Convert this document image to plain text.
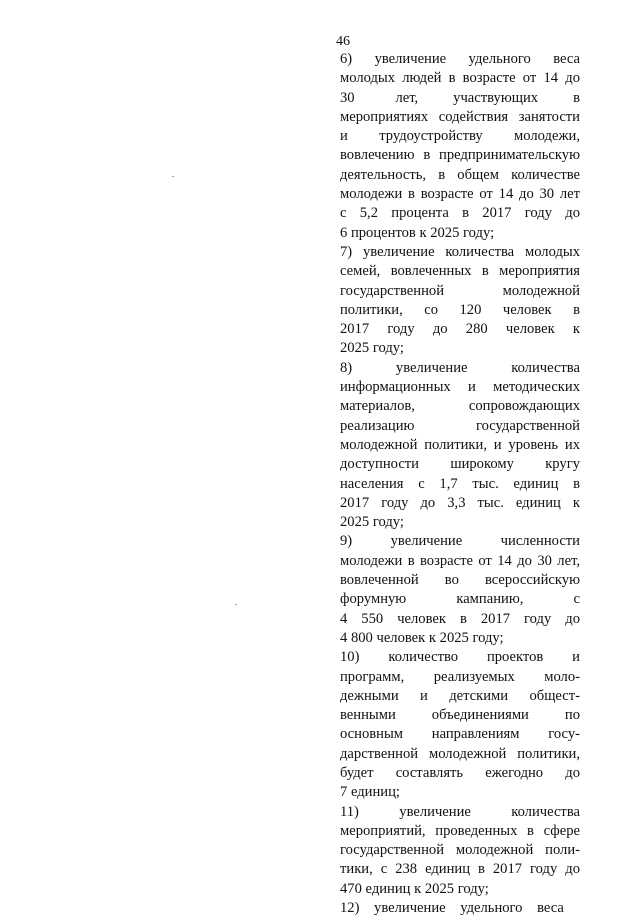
46

6)   увеличение   удельного   веса
молодых людей в возрасте от 14 до
30       лет,      участвующих      в
мероприятиях содействия занятости
и     трудоустройству     молодежи,
вовлечению в предпринимательскую
деятельность,  в  общем  количестве
молодежи в возрасте от 14 до 30 лет
с   5,2   процента   в   2017   году   до
6 процентов к 2025 году;

7) увеличение количества молодых
семей, вовлеченных в мероприятия
государственной          молодежной
политики,    со    120    человек    в
2017    году    до    280    человек    к
2025 году;

8)       увеличение       количества
информационных   и   методических
материалов,        сопровождающих
реализацию          государственной
молодежной политики, и уровень их
доступности      широкому      кругу
населения   с   1,7   тыс.   единиц   в
2017   году   до   3,3   тыс.   единиц   к
2025 году;

9)       увеличение       численности
молодежи в возрасте от 14 до 30 лет,
вовлеченной     во     всероссийскую
форумную         кампанию,         с
4  550  человек  в  2017  году  до
4 800 человек к 2025 году;

10)      количество      проектов      и
программ,     реализуемых     моло-
дежными    и    детскими    общест-
венными        объединениями        по
основным     направлениям     госу-
дарственной молодежной политики,
будет     составлять     ежегодно     до
7 единиц;

11)       увеличение       количества
мероприятий, проведенных в сфере
государственной молодежной поли-
тики, с 238 единиц в 2017 году до
470 единиц к 2025 году;

12)    увеличение    удельного    веса
